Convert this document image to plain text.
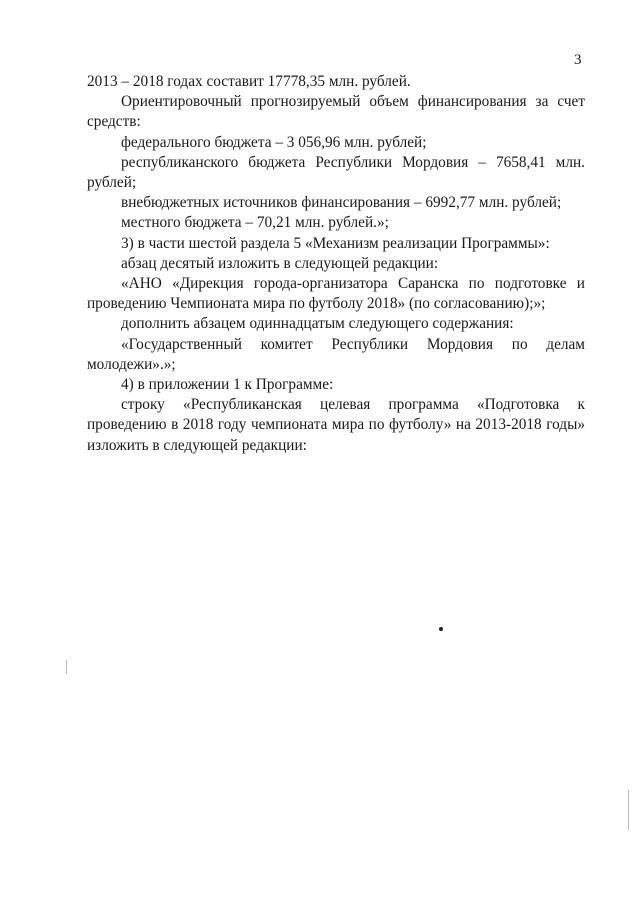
3

2013 – 2018 годах составит 17778,35 млн. рублей.

Ориентировочный прогнозируемый объем финансирования за счет средств:

федерального бюджета – 3 056,96 млн. рублей;

республиканского бюджета Республики Мордовия – 7658,41 млн. рублей;

внебюджетных источников финансирования – 6992,77 млн. рублей;

местного бюджета – 70,21 млн. рублей.»;

3) в части шестой раздела 5 «Механизм реализации Программы»:

абзац десятый изложить в следующей редакции:

«АНО «Дирекция города-организатора Саранска по подготовке и проведению Чемпионата мира по футболу 2018» (по согласованию);»;

дополнить абзацем одиннадцатым следующего содержания:

«Государственный комитет Республики Мордовия по делам молодежи».»;

4) в приложении 1 к Программе:

строку «Республиканская целевая программа «Подготовка к проведению в 2018 году чемпионата мира по футболу» на 2013-2018 годы» изложить в следующей редакции:
